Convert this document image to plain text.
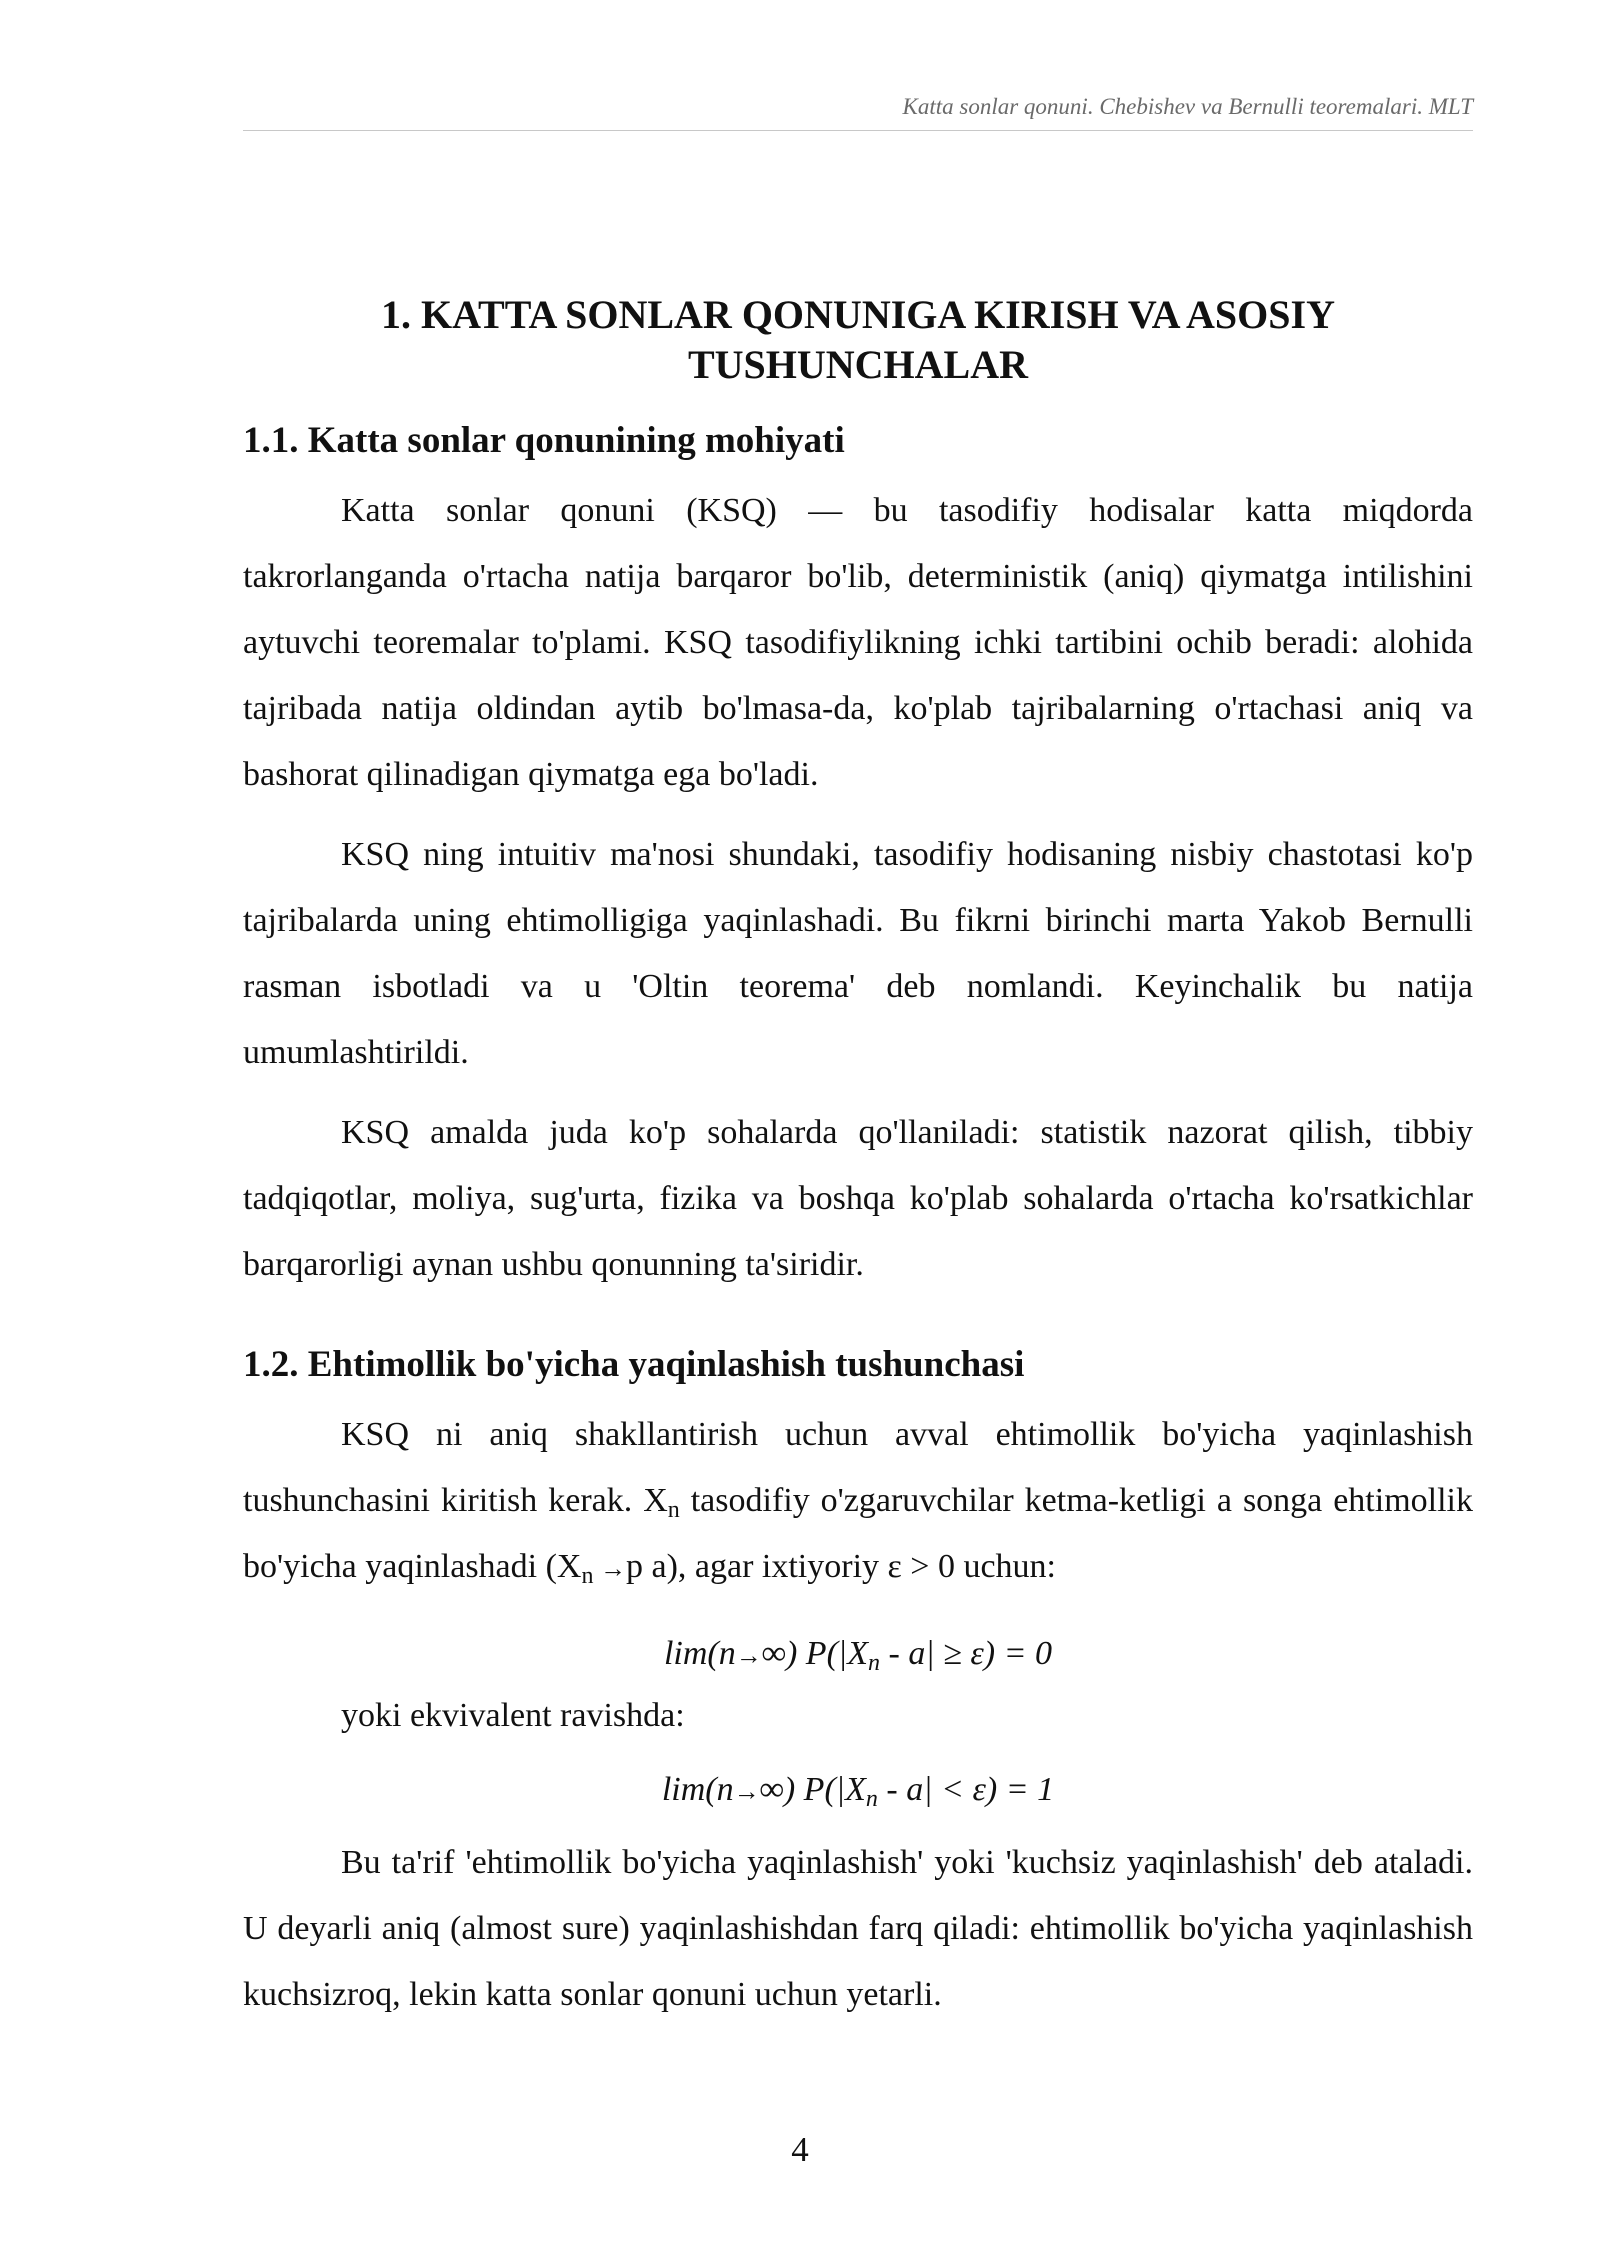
Katta sonlar qonuni. Chebishev va Bernulli teoremalari. MLT
1. KATTA SONLAR QONUNIGA KIRISH VA ASOSIY TUSHUNCHALAR
1.1. Katta sonlar qonunining mohiyati

Katta sonlar qonuni (KSQ) — bu tasodifiy hodisalar katta miqdorda takrorlanganda o'rtacha natija barqaror bo'lib, deterministik (aniq) qiymatga intilishini aytuvchi teoremalar to'plami. KSQ tasodifiylikning ichki tartibini ochib beradi: alohida tajribada natija oldindan aytib bo'lmasa-da, ko'plab tajribalarning o'rtachasi aniq va bashorat qilinadigan qiymatga ega bo'ladi.

KSQ ning intuitiv ma'nosi shundaki, tasodifiy hodisaning nisbiy chastotasi ko'p tajribalarda uning ehtimolligiga yaqinlashadi. Bu fikrni birinchi marta Yakob Bernulli rasman isbotladi va u 'Oltin teorema' deb nomlandi. Keyinchalik bu natija umumlashtirildi.

KSQ amalda juda ko'p sohalarda qo'llaniladi: statistik nazorat qilish, tibbiy tadqiqotlar, moliya, sug'urta, fizika va boshqa ko'plab sohalarda o'rtacha ko'rsatkichlar barqarorligi aynan ushbu qonunning ta'siridir.

1.2. Ehtimollik bo'yicha yaqinlashish tushunchasi

KSQ ni aniq shakllantirish uchun avval ehtimollik bo'yicha yaqinlashish tushunchasini kiritish kerak. $X_n$ tasodifiy o'zgaruvchilar ketma-ketligi a songa ehtimollik bo'yicha yaqinlashadi ($X_n \to p$ a), agar ixtiyoriy ε > 0 uchun:

lim(n→∞) $P(|X_n - a| \ge \varepsilon) = 0$

yoki ekvivalent ravishda:

lim(n→∞) $P(|X_n - a| < \varepsilon) = 1$

Bu ta'rif 'ehtimollik bo'yicha yaqinlashish' yoki 'kuchsiz yaqinlashish' deb ataladi. U deyarli aniq (almost sure) yaqinlashishdan farq qiladi: ehtimollik bo'yicha yaqinlashish kuchsizroq, lekin katta sonlar qonuni uchun yetarli.

4
